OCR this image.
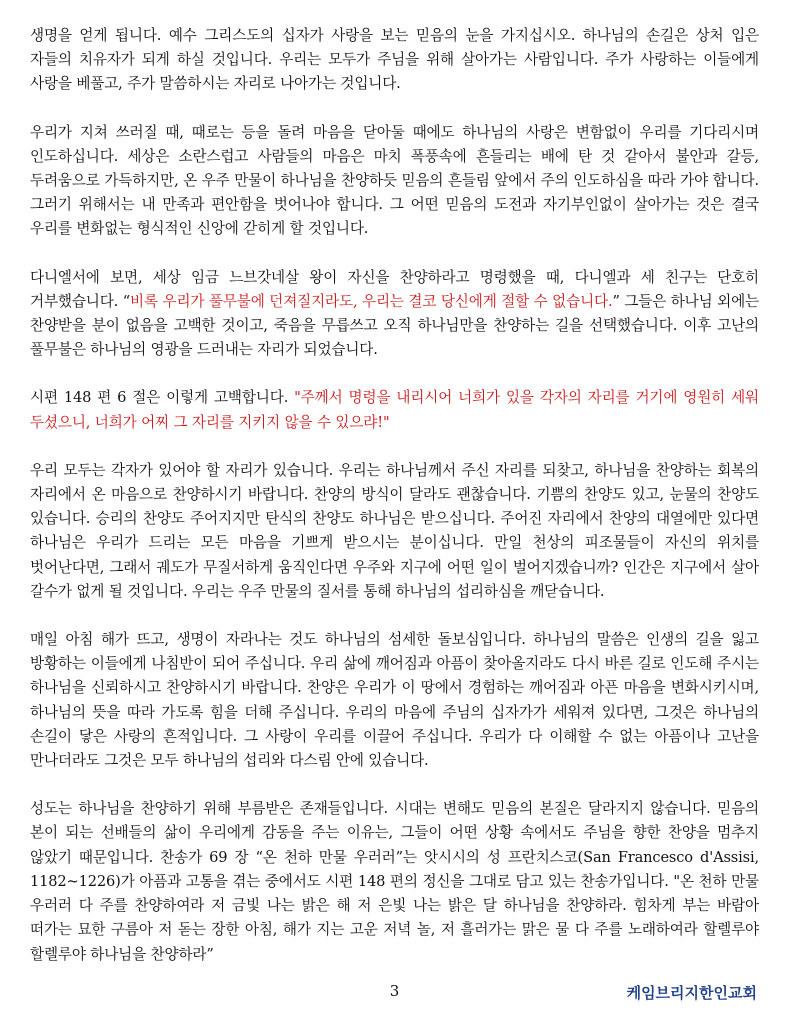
생명을 얻게 됩니다. 예수 그리스도의 십자가 사랑을 보는 믿음의 눈을 가지십시오. 하나님의 손길은 상처 입은 자들의 치유자가 되게 하실 것입니다. 우리는 모두가 주님을 위해 살아가는 사람입니다. 주가 사랑하는 이들에게 사랑을 베풀고, 주가 말씀하시는 자리로 나아가는 것입니다.

우리가 지쳐 쓰러질 때, 때로는 등을 돌려 마음을 닫아둘 때에도 하나님의 사랑은 변함없이 우리를 기다리시며 인도하십니다. 세상은 소란스럽고 사람들의 마음은 마치 폭풍속에 흔들리는 배에 탄 것 같아서 불안과 갈등, 두려움으로 가득하지만, 온 우주 만물이 하나님을 찬양하듯 믿음의 흔들림 앞에서 주의 인도하심을 따라 가야 합니다. 그러기 위해서는 내 만족과 편안함을 벗어나야 합니다. 그 어떤 믿음의 도전과 자기부인없이 살아가는 것은 결국 우리를 변화없는 형식적인 신앙에 갇히게 할 것입니다.

다니엘서에 보면, 세상 임금 느브갓네살 왕이 자신을 찬양하라고 명령했을 때, 다니엘과 세 친구는 단호히 거부했습니다. “비록 우리가 풀무불에 던져질지라도, 우리는 결코 당신에게 절할 수 없습니다.” 그들은 하나님 외에는 찬양받을 분이 없음을 고백한 것이고, 죽음을 무릅쓰고 오직 하나님만을 찬양하는 길을 선택했습니다. 이후 고난의 풀무불은 하나님의 영광을 드러내는 자리가 되었습니다.

시편 148 편 6 절은 이렇게 고백합니다. "주께서 명령을 내리시어 너희가 있을 각자의 자리를 거기에 영원히 세워 두셨으니, 너희가 어찌 그 자리를 지키지 않을 수 있으랴!"

우리 모두는 각자가 있어야 할 자리가 있습니다. 우리는 하나님께서 주신 자리를 되찾고, 하나님을 찬양하는 회복의 자리에서 온 마음으로 찬양하시기 바랍니다. 찬양의 방식이 달라도 괜찮습니다. 기쁨의 찬양도 있고, 눈물의 찬양도 있습니다. 승리의 찬양도 주어지지만 탄식의 찬양도 하나님은 받으십니다. 주어진 자리에서 찬양의 대열에만 있다면 하나님은 우리가 드리는 모든 마음을 기쁘게 받으시는 분이십니다. 만일 천상의 피조물들이 자신의 위치를 벗어난다면, 그래서 궤도가 무질서하게 움직인다면 우주와 지구에 어떤 일이 벌어지겠습니까? 인간은 지구에서 살아 갈수가 없게 될 것입니다. 우리는 우주 만물의 질서를 통해 하나님의 섭리하심을 깨닫습니다.

매일 아침 해가 뜨고, 생명이 자라나는 것도 하나님의 섬세한 돌보심입니다. 하나님의 말씀은 인생의 길을 잃고 방황하는 이들에게 나침반이 되어 주십니다. 우리 삶에 깨어짐과 아픔이 찾아올지라도 다시 바른 길로 인도해 주시는 하나님을 신뢰하시고 찬양하시기 바랍니다. 찬양은 우리가 이 땅에서 경험하는 깨어짐과 아픈 마음을 변화시키시며, 하나님의 뜻을 따라 가도록 힘을 더해 주십니다. 우리의 마음에 주님의 십자가가 세워져 있다면, 그것은 하나님의 손길이 닿은 사랑의 흔적입니다. 그 사랑이 우리를 이끌어 주십니다. 우리가 다 이해할 수 없는 아픔이나 고난을 만나더라도 그것은 모두 하나님의 섭리와 다스림 안에 있습니다.

성도는 하나님을 찬양하기 위해 부름받은 존재들입니다. 시대는 변해도 믿음의 본질은 달라지지 않습니다. 믿음의 본이 되는 선배들의 삶이 우리에게 감동을 주는 이유는, 그들이 어떤 상황 속에서도 주님을 향한 찬양을 멈추지 않았기 때문입니다. 찬송가 69 장 “온 천하 만물 우러러”는 앗시시의 성 프란치스코(San Francesco d'Assisi, 1182~1226)가 아픔과 고통을 겪는 중에서도 시편 148 편의 정신을 그대로 담고 있는 찬송가입니다. "온 천하 만물 우러러 다 주를 찬양하여라 저 금빛 나는 밝은 해 저 은빛 나는 밝은 달 하나님을 찬양하라. 힘차게 부는 바람아 떠가는 묘한 구름아 저 돋는 장한 아침, 해가 지는 고운 저녁 놀, 저 흘러가는 맑은 물 다 주를 노래하여라 할렐루야 할렐루야 하나님을 찬양하라”

3	케임브리지한인교회
